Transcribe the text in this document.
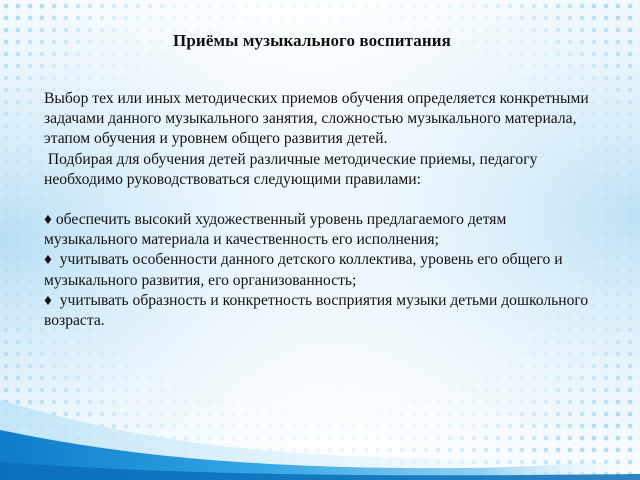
Приёмы музыкального воспитания

Выбор тех или иных методических приемов обучения определяется конкретными задачами данного музыкального занятия, сложностью музыкального материала, этапом обучения и уровнем общего развития детей.

Подбирая для обучения детей различные методические приемы, педагогу необходимо руководствоваться следующими правилами:

♦ обеспечить высокий художественный уровень предлагаемого детям музыкального материала и качественность его исполнения;

♦  учитывать особенности данного детского коллектива, уровень его общего и музыкального развития, его организованность;

♦  учитывать образность и конкретность восприятия музыки детьми дошкольного возраста.
